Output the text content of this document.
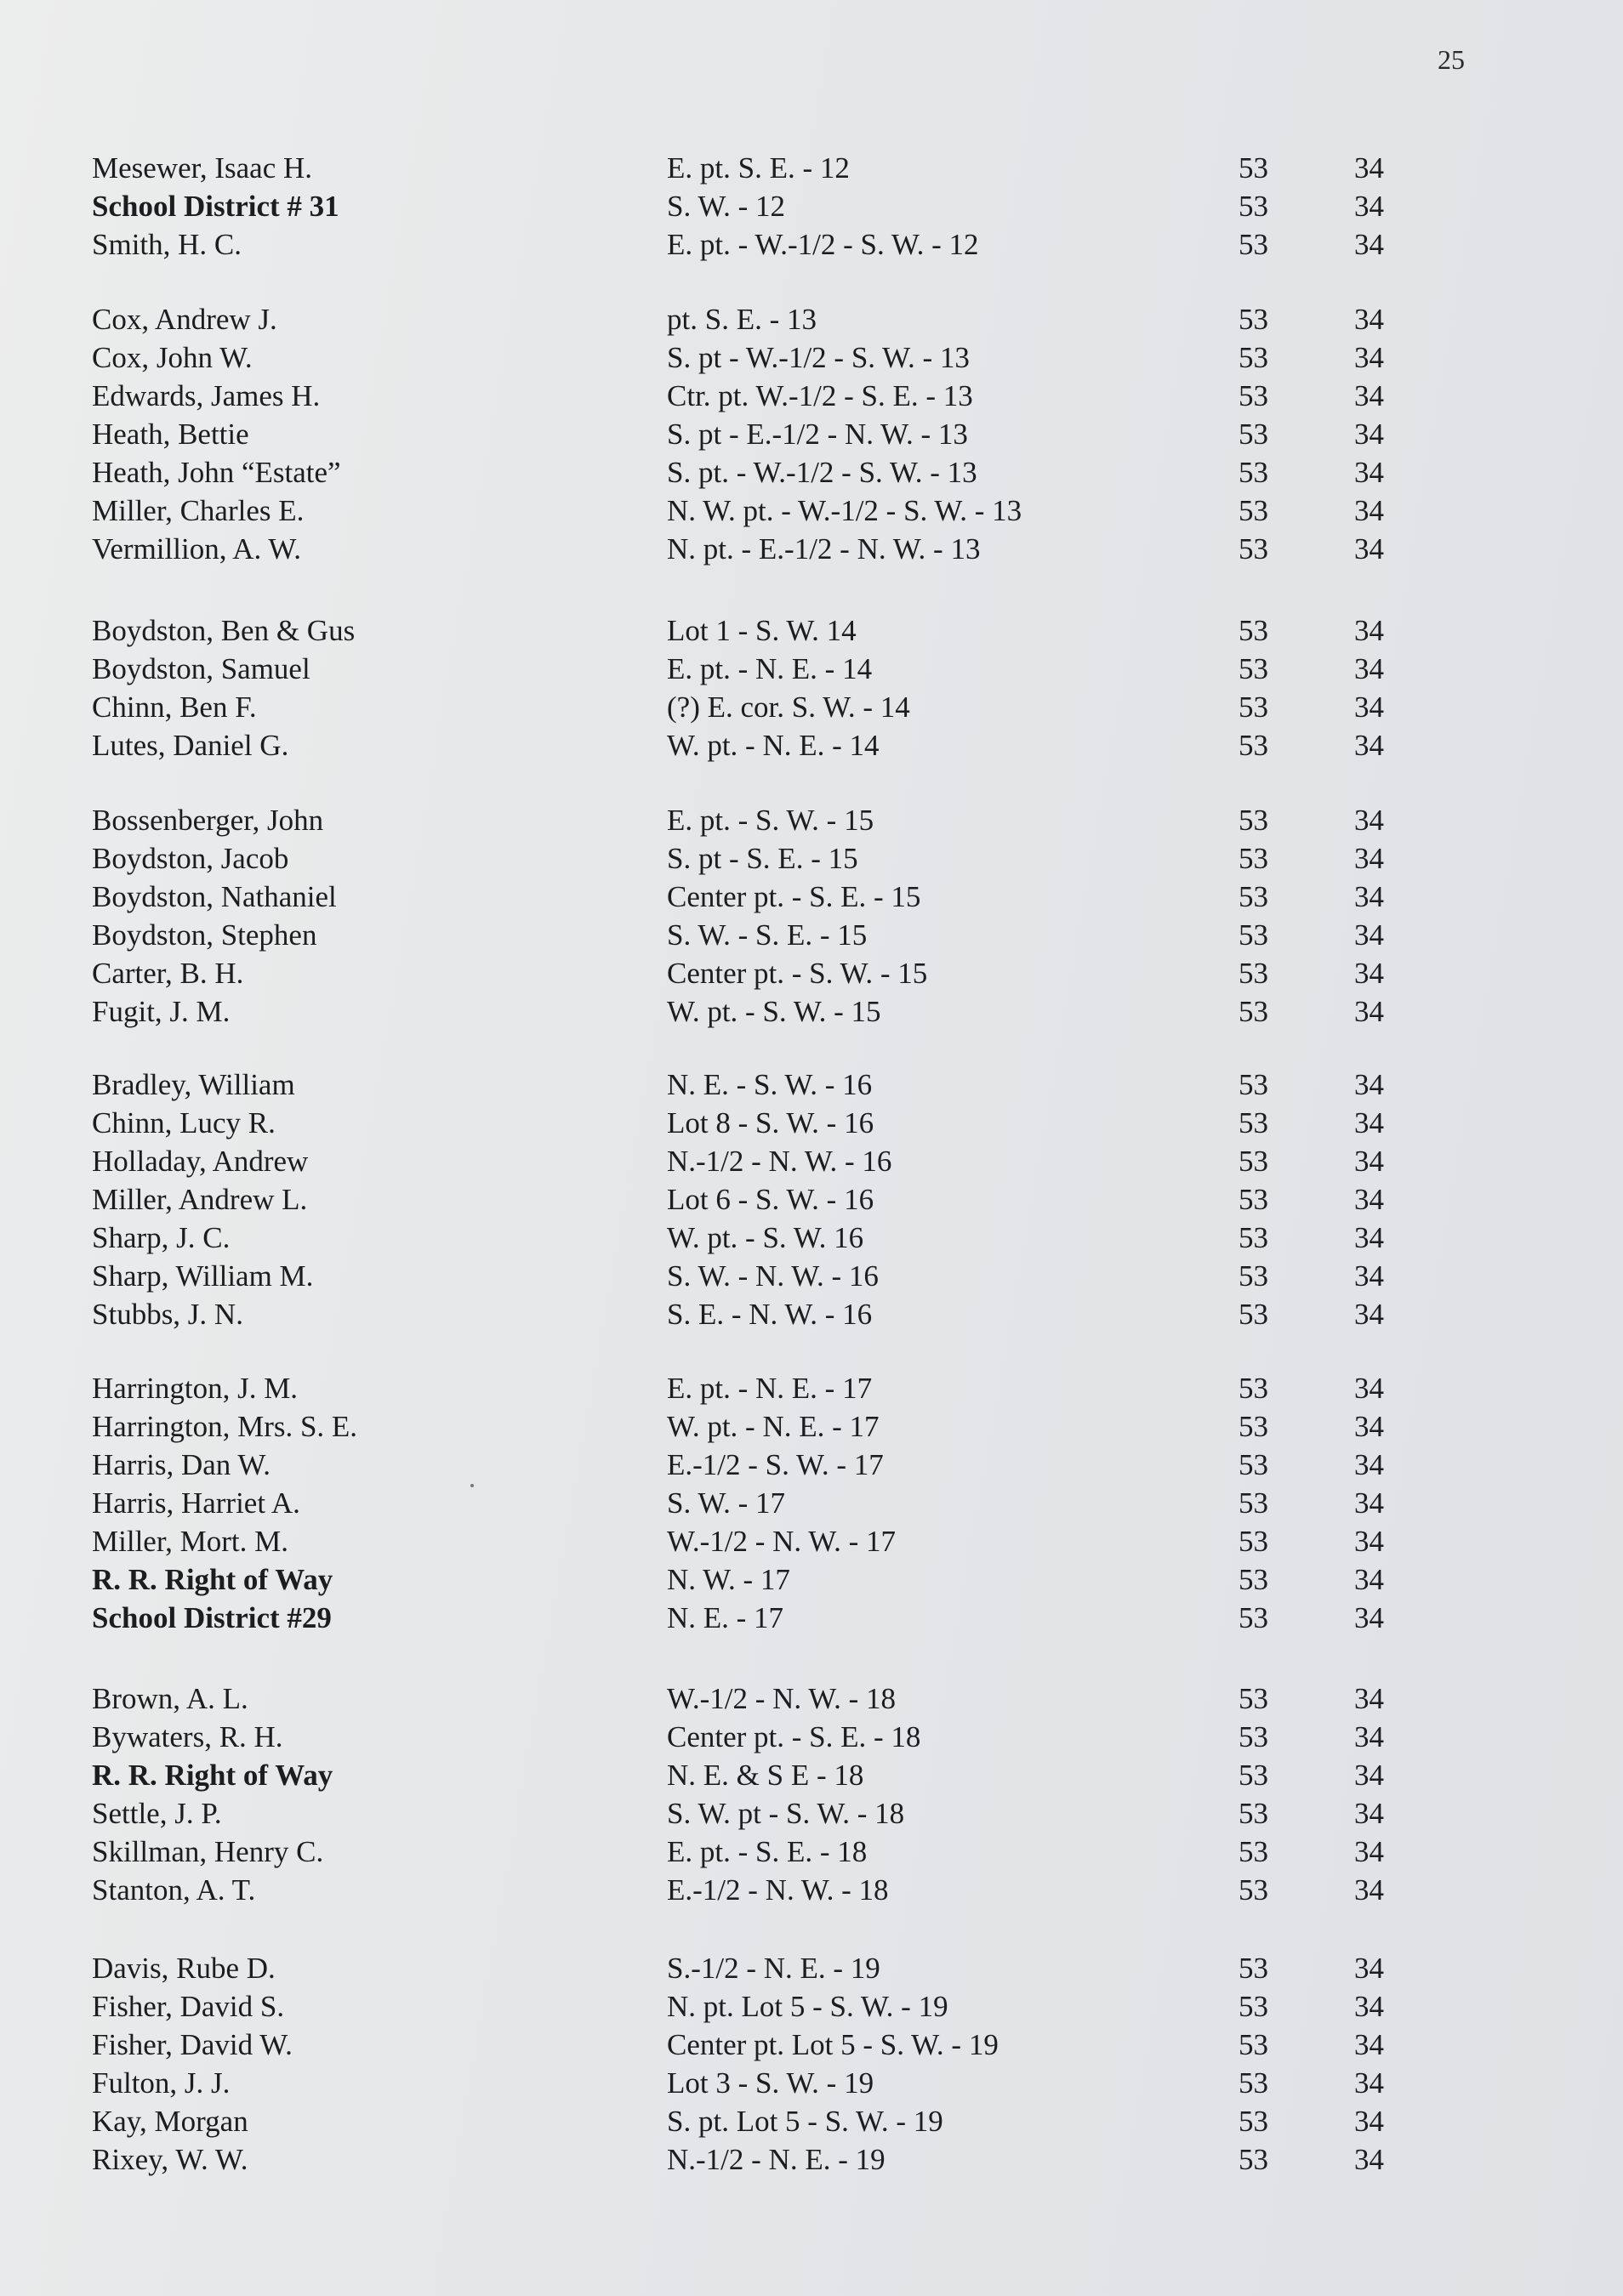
25
Mesewer, Isaac H.	E. pt. S. E. - 12	53	34
School District # 31	S. W. - 12	53	34
Smith, H. C.	E. pt. - W.-1/2 - S. W. - 12	53	34
Cox, Andrew J.	pt. S. E. - 13	53	34
Cox, John W.	S. pt - W.-1/2 - S. W. - 13	53	34
Edwards, James H.	Ctr. pt. W.-1/2 - S. E. - 13	53	34
Heath, Bettie	S. pt - E.-1/2 - N. W. - 13	53	34
Heath, John “Estate”	S. pt. - W.-1/2 - S. W. - 13	53	34
Miller, Charles E.	N. W. pt. - W.-1/2 - S. W. - 13	53	34
Vermillion, A. W.	N. pt. - E.-1/2 - N. W. - 13	53	34
Boydston, Ben & Gus	Lot 1 - S. W. 14	53	34
Boydston, Samuel	E. pt. - N. E. - 14	53	34
Chinn, Ben F.	(?) E. cor. S. W. - 14	53	34
Lutes, Daniel G.	W. pt. - N. E. - 14	53	34
Bossenberger, John	E. pt. - S. W. - 15	53	34
Boydston, Jacob	S. pt - S. E. - 15	53	34
Boydston, Nathaniel	Center pt. - S. E. - 15	53	34
Boydston, Stephen	S. W. - S. E. - 15	53	34
Carter, B. H.	Center pt. - S. W. - 15	53	34
Fugit, J. M.	W. pt. - S. W. - 15	53	34
Bradley, William	N. E. - S. W. - 16	53	34
Chinn, Lucy R.	Lot 8 - S. W. - 16	53	34
Holladay, Andrew	N.-1/2 - N. W. - 16	53	34
Miller, Andrew L.	Lot 6 - S. W. - 16	53	34
Sharp, J. C.	W. pt. - S. W. 16	53	34
Sharp, William M.	S. W. - N. W. - 16	53	34
Stubbs, J. N.	S. E. - N. W. - 16	53	34
Harrington, J. M.	E. pt. - N. E. - 17	53	34
Harrington, Mrs. S. E.	W. pt. - N. E. - 17	53	34
Harris, Dan W.	E.-1/2 - S. W. - 17	53	34
Harris, Harriet A.	S. W. - 17	53	34
Miller, Mort. M.	W.-1/2 - N. W. - 17	53	34
R. R. Right of Way	N. W. - 17	53	34
School District #29	N. E. - 17	53	34
Brown, A. L.	W.-1/2 - N. W. - 18	53	34
Bywaters, R. H.	Center pt. - S. E. - 18	53	34
R. R. Right of Way	N. E. & S E - 18	53	34
Settle, J. P.	S. W. pt - S. W. - 18	53	34
Skillman, Henry C.	E. pt. - S. E. - 18	53	34
Stanton, A. T.	E.-1/2 - N. W. - 18	53	34
Davis, Rube D.	S.-1/2 - N. E. - 19	53	34
Fisher, David S.	N. pt. Lot 5 - S. W. - 19	53	34
Fisher, David W.	Center pt. Lot 5 - S. W. - 19	53	34
Fulton, J. J.	Lot 3 - S. W. - 19	53	34
Kay, Morgan	S. pt. Lot 5 - S. W. - 19	53	34
Rixey, W. W.	N.-1/2 - N. E. - 19	53	34
